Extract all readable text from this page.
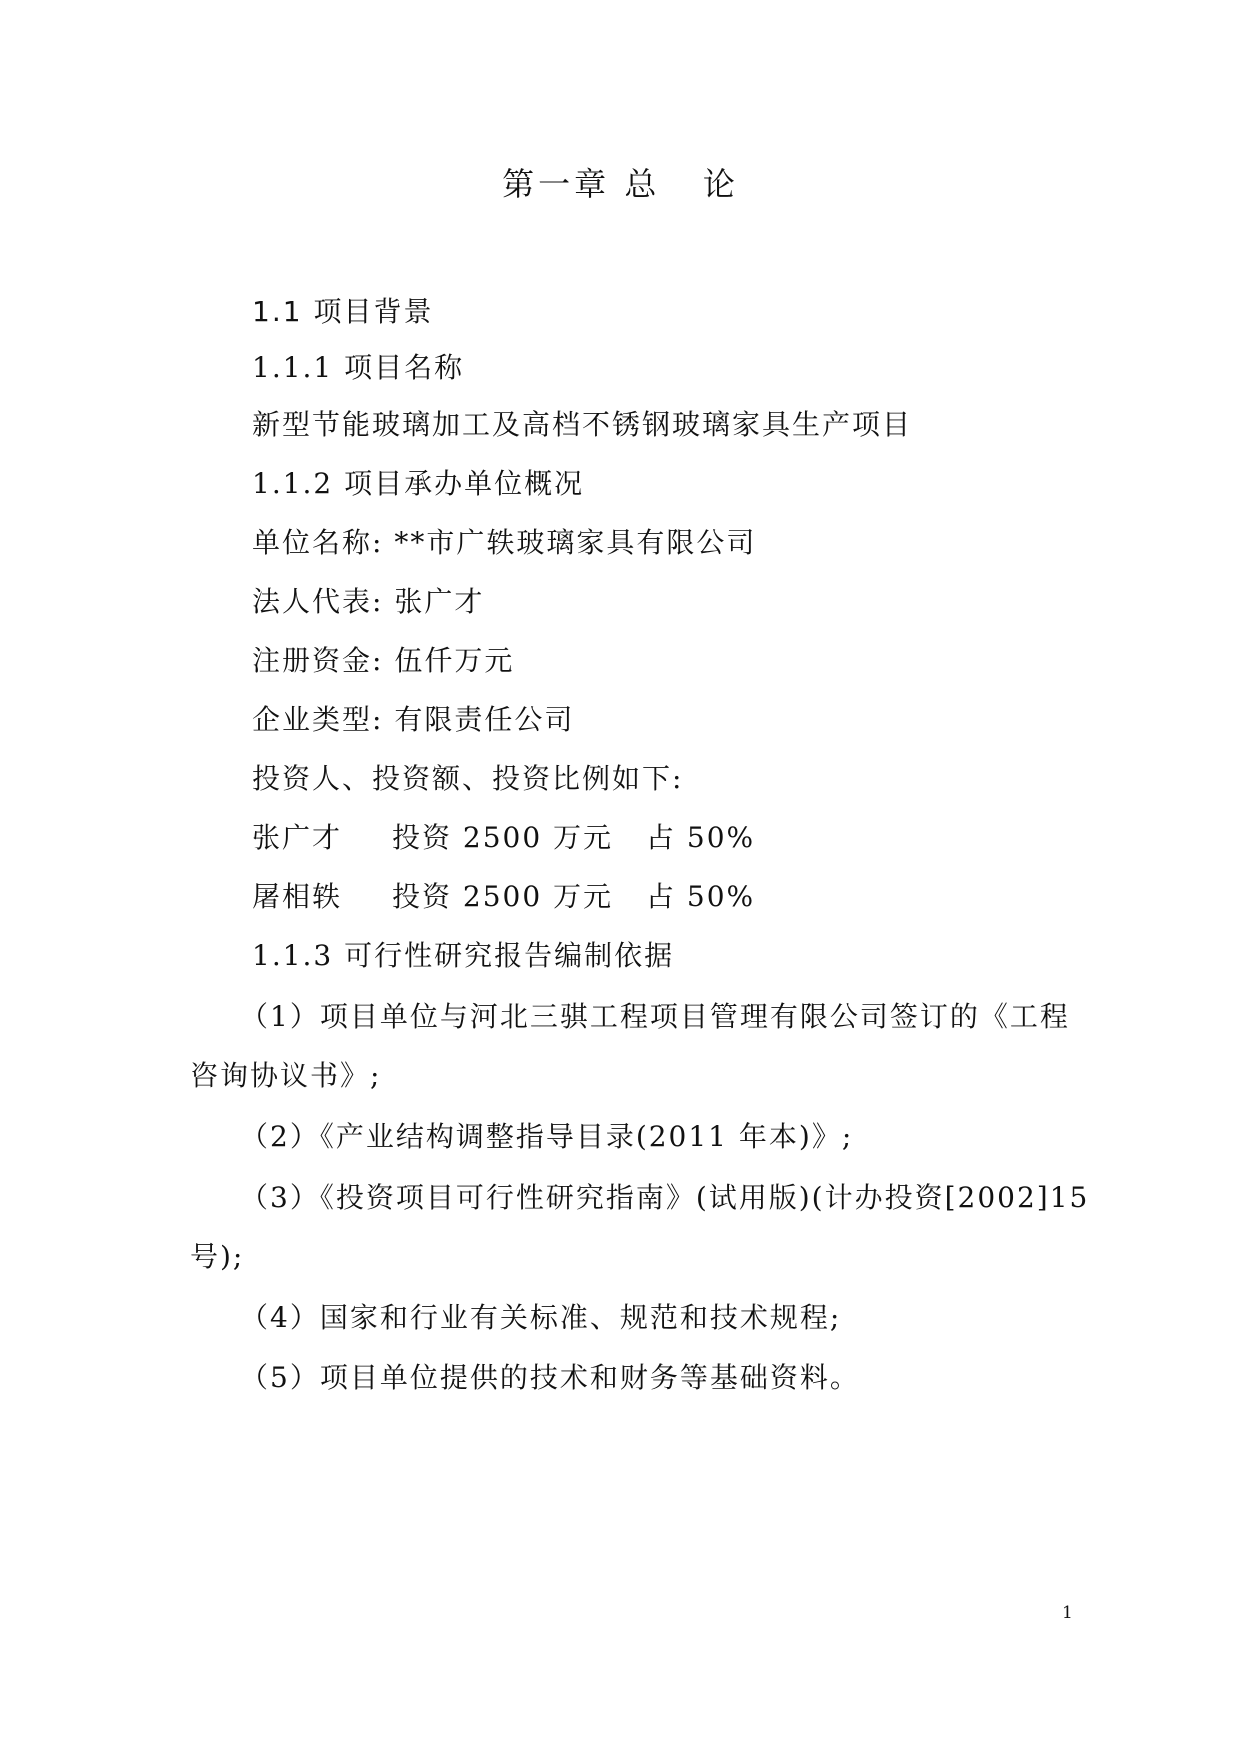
第一章 总   论
1.1 项目背景
1.1.1 项目名称
新型节能玻璃加工及高档不锈钢玻璃家具生产项目
1.1.2 项目承办单位概况
单位名称: **市广轶玻璃家具有限公司
法人代表: 张广才
注册资金: 伍仟万元
企业类型: 有限责任公司
投资人、投资额、投资比例如下:
张广才 投资 2500 万元 占 50%
屠相轶 投资 2500 万元 占 50%
1.1.3 可行性研究报告编制依据
（1）项目单位与河北三骐工程项目管理有限公司签订的《工程
咨询协议书》;
（2）《产业结构调整指导目录(2011 年本)》;
（3）《投资项目可行性研究指南》(试用版)(计办投资[2002]15
号);
（4）国家和行业有关标准、规范和技术规程;
（5）项目单位提供的技术和财务等基础资料。
1
